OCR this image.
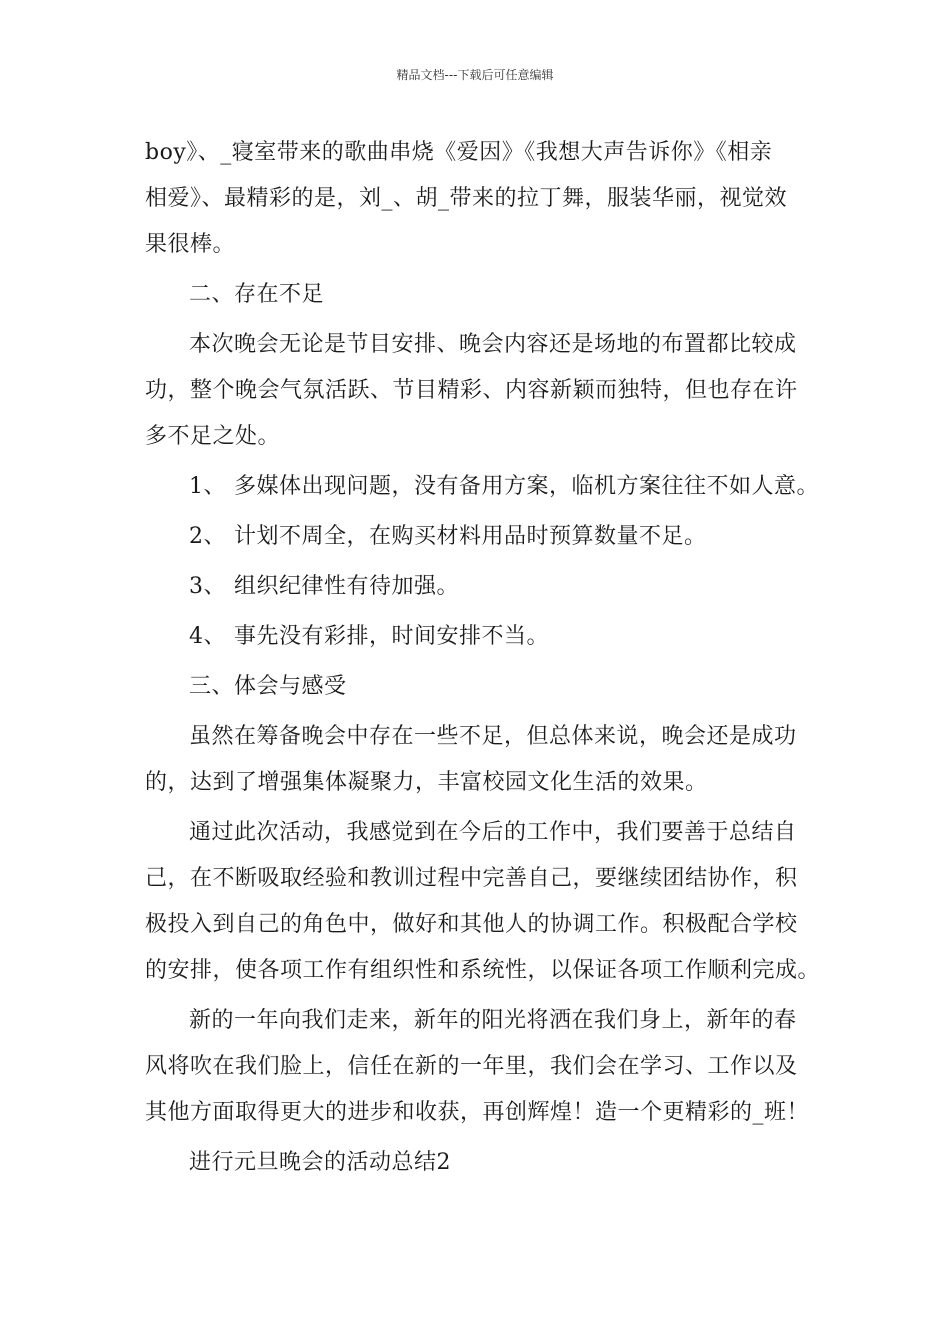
精品文档---下载后可任意编辑
boy》、_寝室带来的歌曲串烧《爱因》《我想大声告诉你》《相亲
相爱》、最精彩的是，刘_、胡_带来的拉丁舞，服装华丽，视觉效
果很棒。
二、存在不足
本次晚会无论是节目安排、晚会内容还是场地的布置都比较成
功，整个晚会气氛活跃、节目精彩、内容新颖而独特，但也存在许
多不足之处。
1、 多媒体出现问题，没有备用方案，临机方案往往不如人意。
2、 计划不周全，在购买材料用品时预算数量不足。
3、 组织纪律性有待加强。
4、 事先没有彩排，时间安排不当。
三、体会与感受
虽然在筹备晚会中存在一些不足，但总体来说，晚会还是成功
的，达到了增强集体凝聚力，丰富校园文化生活的效果。
通过此次活动，我感觉到在今后的工作中，我们要善于总结自
己，在不断吸取经验和教训过程中完善自己，要继续团结协作，积
极投入到自己的角色中，做好和其他人的协调工作。积极配合学校
的安排，使各项工作有组织性和系统性，以保证各项工作顺利完成。
新的一年向我们走来，新年的阳光将洒在我们身上，新年的春
风将吹在我们脸上，信任在新的一年里，我们会在学习、工作以及
其他方面取得更大的进步和收获，再创辉煌！造一个更精彩的_班！
进行元旦晚会的活动总结2
